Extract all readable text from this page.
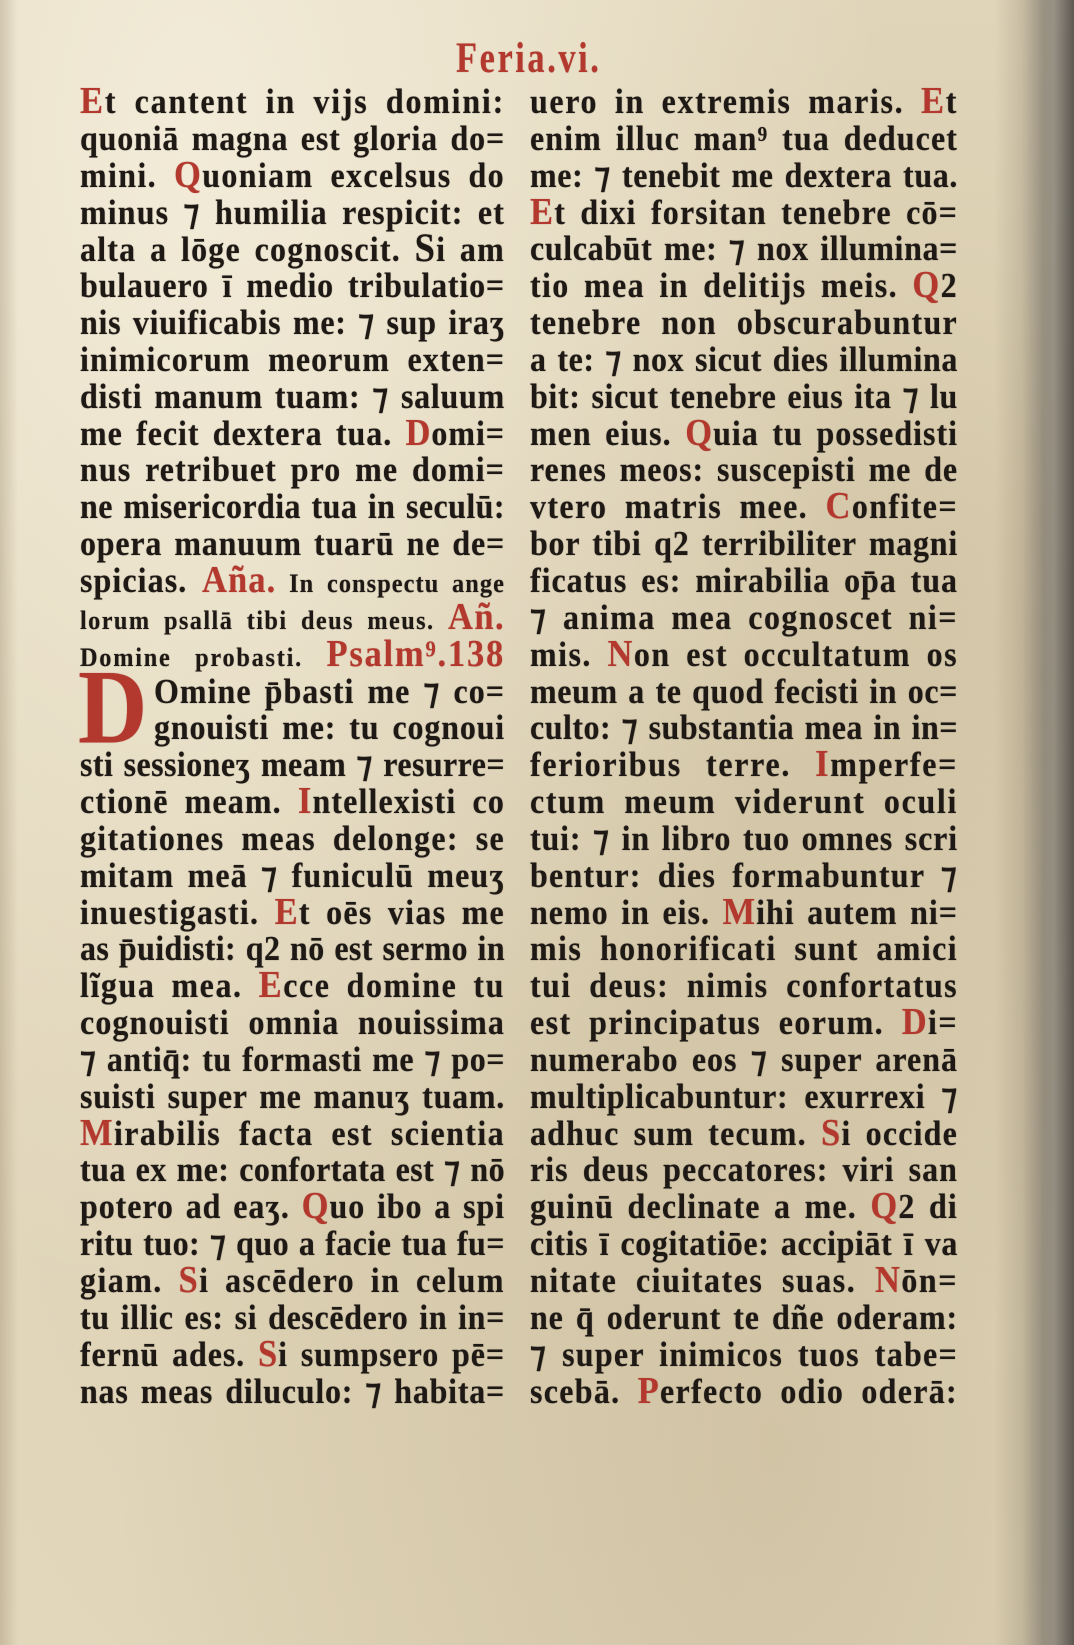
Feria.vi.
Et cantent in vijs domini:
quoniā magna est gloria do=
mini. Quoniam excelsus do
minus ⁊ humilia respicit: et
alta a lōge cognoscit. Si am
bulauero ī medio tribulatio=
nis viuificabis me: ⁊ sup iraʒ
inimicorum meorum exten=
disti manum tuam: ⁊ saluum
me fecit dextera tua. Domi=
nus retribuet pro me domi=
ne misericordia tua in seculū:
opera manuum tuarū ne de=
spicias. Aña. In conspectu ange
lorum psallā tibi deus meus. Añ.
Domine probasti. Psalm⁹.138
D Omine p̄basti me ⁊ co=
gnouisti me: tu cognoui
sti sessioneʒ meam ⁊ resurre=
ctionē meam. Intellexisti co
gitationes meas delonge: se
mitam meā ⁊ funiculū meuʒ
inuestigasti. Et oēs vias me
as p̄uidisti: q2 nō est sermo in
lĩgua mea. Ecce domine tu
cognouisti omnia nouissima
⁊ antiq̄: tu formasti me ⁊ po=
suisti super me manuʒ tuam.
Mirabilis facta est scientia
tua ex me: confortata est ⁊ nō
potero ad eaʒ. Quo ibo a spi
ritu tuo: ⁊ quo a facie tua fu=
giam. Si ascēdero in celum
tu illic es: si descēdero in in=
fernū ades. Si sumpsero pē=
nas meas diluculo: ⁊ habita=
uero in extremis maris. Et
enim illuc man⁹ tua deducet
me: ⁊ tenebit me dextera tua.
Et dixi forsitan tenebre cō=
culcabūt me: ⁊ nox illumina=
tio mea in delitijs meis. Q2
tenebre non obscurabuntur
a te: ⁊ nox sicut dies illumina
bit: sicut tenebre eius ita ⁊ lu
men eius. Quia tu possedisti
renes meos: suscepisti me de
vtero matris mee. Confite=
bor tibi q2 terribiliter magni
ficatus es: mirabilia op̄a tua
⁊ anima mea cognoscet ni=
mis. Non est occultatum os
meum a te quod fecisti in oc=
culto: ⁊ substantia mea in in=
ferioribus terre. Imperfe=
ctum meum viderunt oculi
tui: ⁊ in libro tuo omnes scri
bentur: dies formabuntur ⁊
nemo in eis. Mihi autem ni=
mis honorificati sunt amici
tui deus: nimis confortatus
est principatus eorum. Di=
numerabo eos ⁊ super arenā
multiplicabuntur: exurrexi ⁊
adhuc sum tecum. Si occide
ris deus peccatores: viri san
guinū declinate a me. Q2 di
citis ī cogitatiōe: accipiāt ī va
nitate ciuitates suas. Nōn=
ne q̄ oderunt te dñe oderam:
⁊ super inimicos tuos tabe=
scebā. Perfecto odio oderā:
